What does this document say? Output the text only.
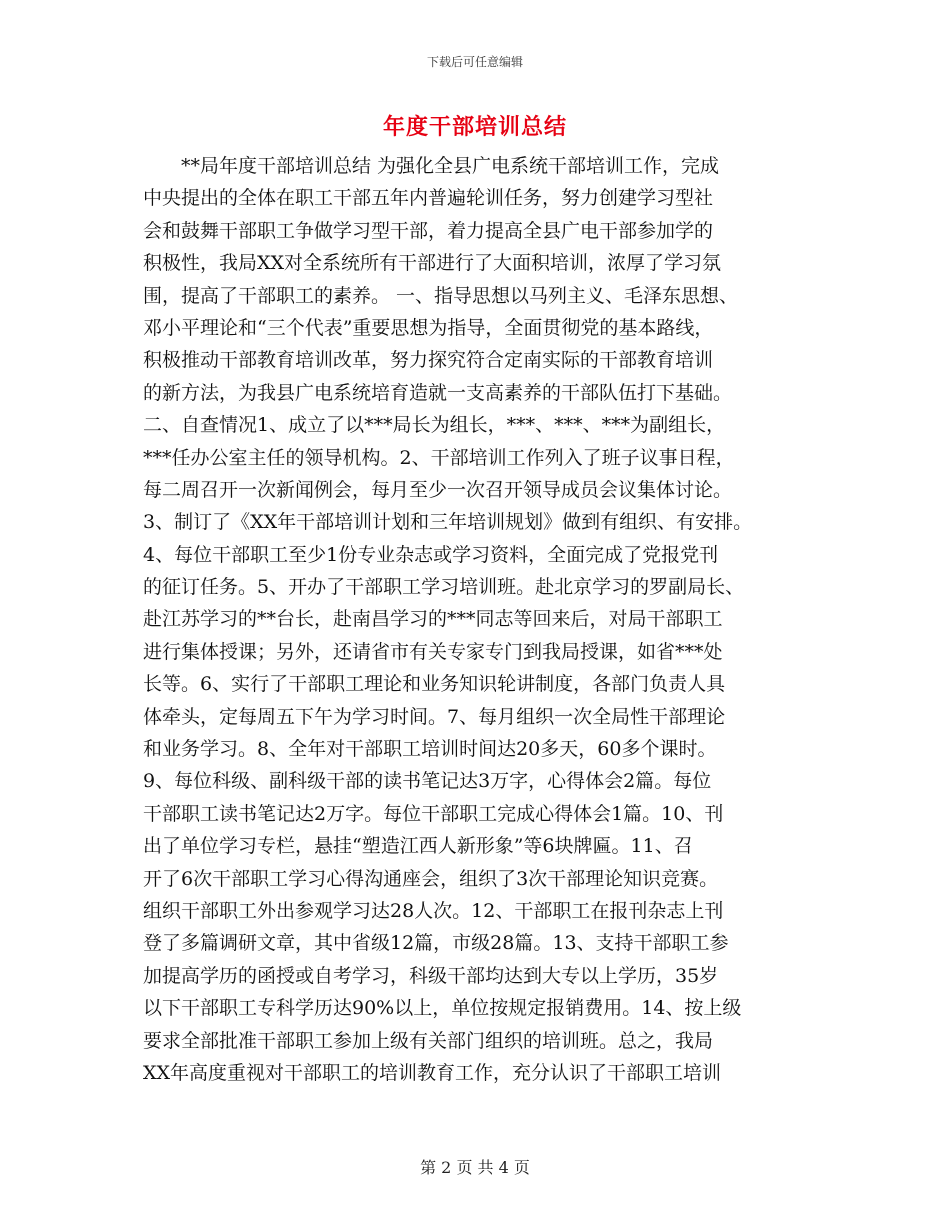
下载后可任意编辑
年度干部培训总结
　　**局年度干部培训总结 为强化全县广电系统干部培训工作，完成
中央提出的全体在职工干部五年内普遍轮训任务，努力创建学习型社
会和鼓舞干部职工争做学习型干部，着力提高全县广电干部参加学的
积极性，我局XX对全系统所有干部进行了大面积培训，浓厚了学习氛
围，提高了干部职工的素养。 一、指导思想以马列主义、毛泽东思想、
邓小平理论和“三个代表”重要思想为指导，全面贯彻党的基本路线，
积极推动干部教育培训改革，努力探究符合定南实际的干部教育培训
的新方法，为我县广电系统培育造就一支高素养的干部队伍打下基础。
二、自查情况1、成立了以***局长为组长，***、***、***为副组长，
***任办公室主任的领导机构。2、干部培训工作列入了班子议事日程，
每二周召开一次新闻例会，每月至少一次召开领导成员会议集体讨论。
3、制订了《XX年干部培训计划和三年培训规划》做到有组织、有安排。
4、每位干部职工至少1份专业杂志或学习资料，全面完成了党报党刊
的征订任务。5、开办了干部职工学习培训班。赴北京学习的罗副局长、
赴江苏学习的**台长，赴南昌学习的***同志等回来后，对局干部职工
进行集体授课；另外，还请省市有关专家专门到我局授课，如省***处
长等。6、实行了干部职工理论和业务知识轮讲制度，各部门负责人具
体牵头，定每周五下午为学习时间。7、每月组织一次全局性干部理论
和业务学习。8、全年对干部职工培训时间达20多天，60多个课时。
9、每位科级、副科级干部的读书笔记达3万字，心得体会2篇。每位
干部职工读书笔记达2万字。每位干部职工完成心得体会1篇。10、刊
出了单位学习专栏，悬挂“塑造江西人新形象”等6块牌匾。11、召
开了6次干部职工学习心得沟通座会，组织了3次干部理论知识竞赛。
组织干部职工外出参观学习达28人次。12、干部职工在报刊杂志上刊
登了多篇调研文章，其中省级12篇，市级28篇。13、支持干部职工参
加提高学历的函授或自考学习，科级干部均达到大专以上学历，35岁
以下干部职工专科学历达90%以上，单位按规定报销费用。14、按上级
要求全部批准干部职工参加上级有关部门组织的培训班。总之，我局
XX年高度重视对干部职工的培训教育工作，充分认识了干部职工培训
第 2 页 共 4 页
